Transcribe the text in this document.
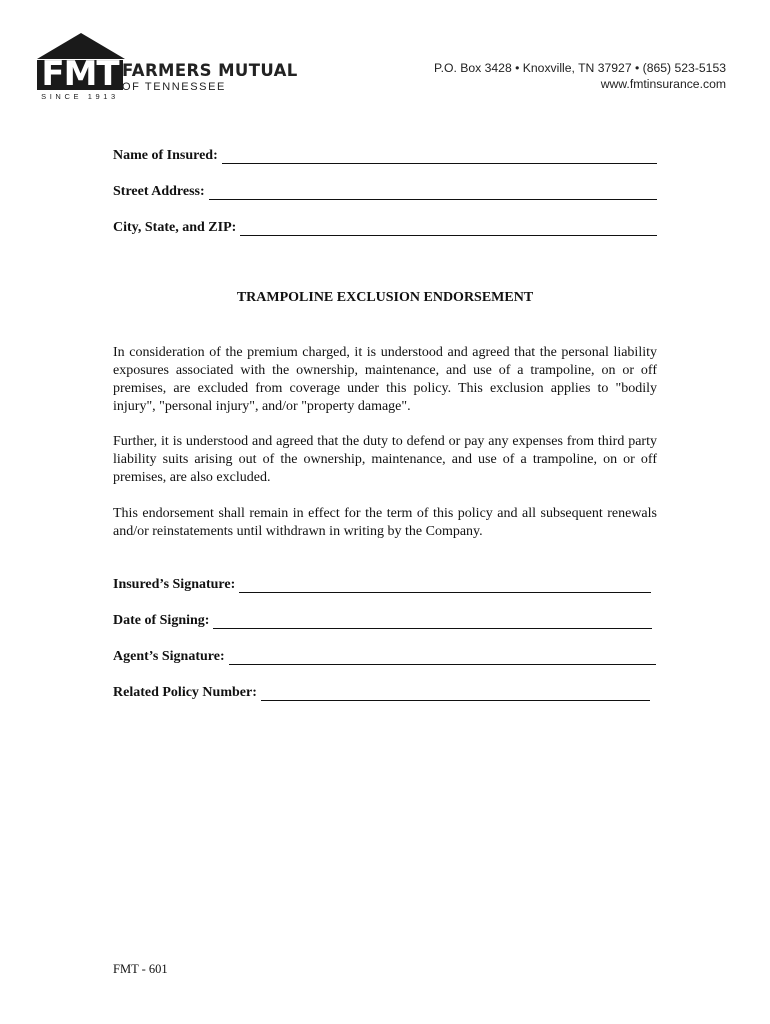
FMT
SINCE 1913
FARMERS MUTUAL
OF TENNESSEE
P.O. Box 3428 • Knoxville, TN 37927 • (865) 523-5153
www.fmtinsurance.com
Name of Insured:
Street Address:
City, State, and ZIP:
TRAMPOLINE EXCLUSION ENDORSEMENT

In consideration of the premium charged, it is understood and agreed that the personal liability exposures associated with the ownership, maintenance, and use of a trampoline, on or off premises, are excluded from coverage under this policy. This exclusion applies to "bodily injury", "personal injury", and/or "property damage".

Further, it is understood and agreed that the duty to defend or pay any expenses from third party liability suits arising out of the ownership, maintenance, and use of a trampoline, on or off premises, are also excluded.

This endorsement shall remain in effect for the term of this policy and all subsequent renewals and/or reinstatements until withdrawn in writing by the Company.

Insured’s Signature:
Date of Signing:
Agent’s Signature:
Related Policy Number:
FMT - 601
